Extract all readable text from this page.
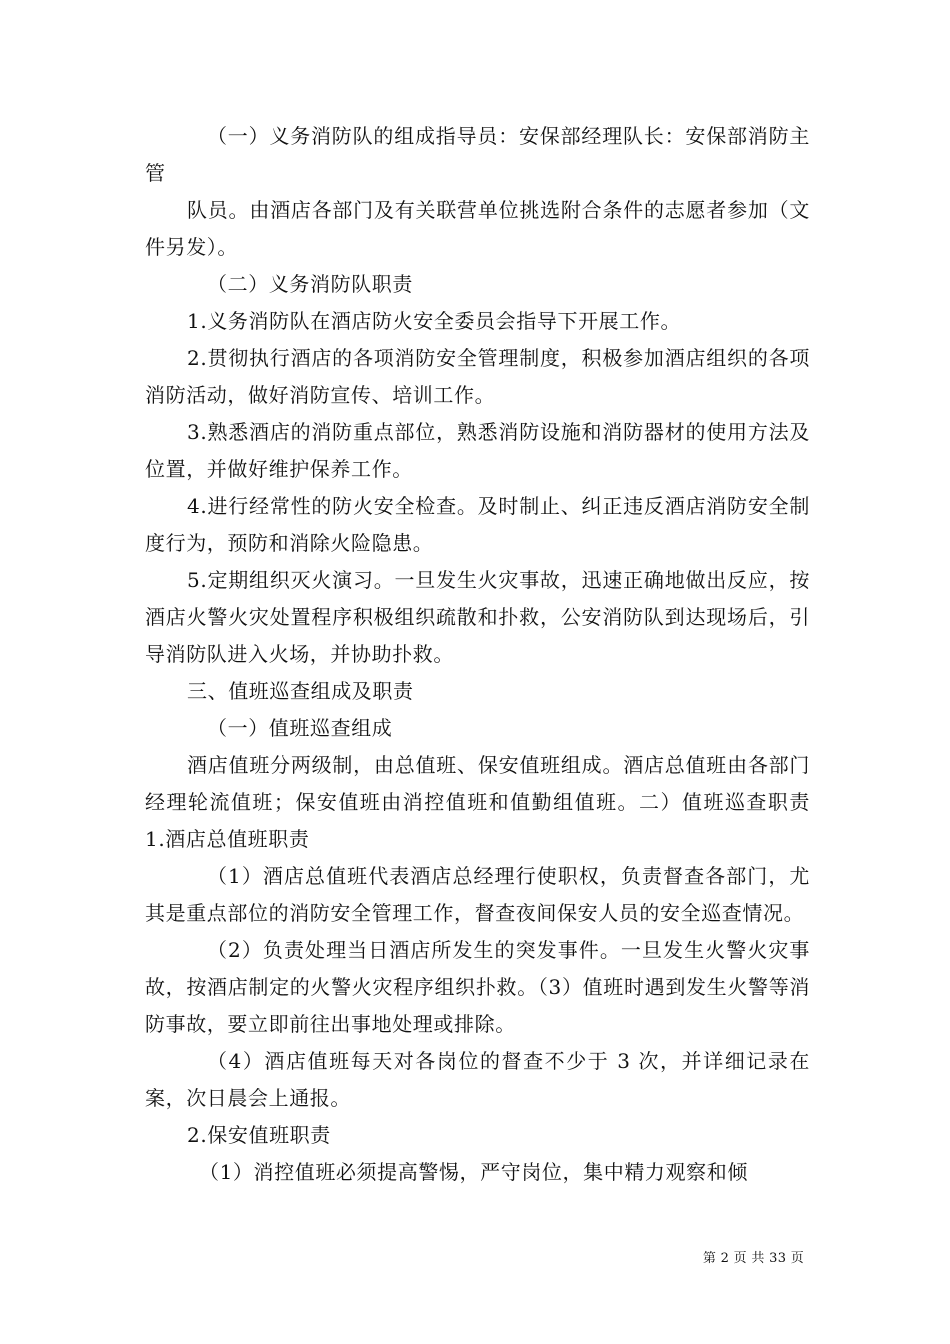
（一）义务消防队的组成指导员：安保部经理队长：安保部消防主管

队员。由酒店各部门及有关联营单位挑选附合条件的志愿者参加（文件另发）。

（二）义务消防队职责

1.义务消防队在酒店防火安全委员会指导下开展工作。

2.贯彻执行酒店的各项消防安全管理制度，积极参加酒店组织的各项消防活动，做好消防宣传、培训工作。

3.熟悉酒店的消防重点部位，熟悉消防设施和消防器材的使用方法及位置，并做好维护保养工作。

4.进行经常性的防火安全检查。及时制止、纠正违反酒店消防安全制度行为，预防和消除火险隐患。

5.定期组织灭火演习。一旦发生火灾事故，迅速正确地做出反应，按酒店火警火灾处置程序积极组织疏散和扑救，公安消防队到达现场后，引导消防队进入火场，并协助扑救。

三、值班巡查组成及职责

（一）值班巡查组成

酒店值班分两级制，由总值班、保安值班组成。酒店总值班由各部门经理轮流值班；保安值班由消控值班和值勤组值班。二）值班巡查职责 1.酒店总值班职责

（1）酒店总值班代表酒店总经理行使职权，负责督查各部门，尤其是重点部位的消防安全管理工作，督查夜间保安人员的安全巡查情况。

（2）负责处理当日酒店所发生的突发事件。一旦发生火警火灾事故，按酒店制定的火警火灾程序组织扑救。（3）值班时遇到发生火警等消防事故，要立即前往出事地处理或排除。

（4）酒店值班每天对各岗位的督查不少于 3 次，并详细记录在案，次日晨会上通报。

2.保安值班职责

（1）消控值班必须提高警惕，严守岗位，集中精力观察和倾

第 2 页 共 33 页
